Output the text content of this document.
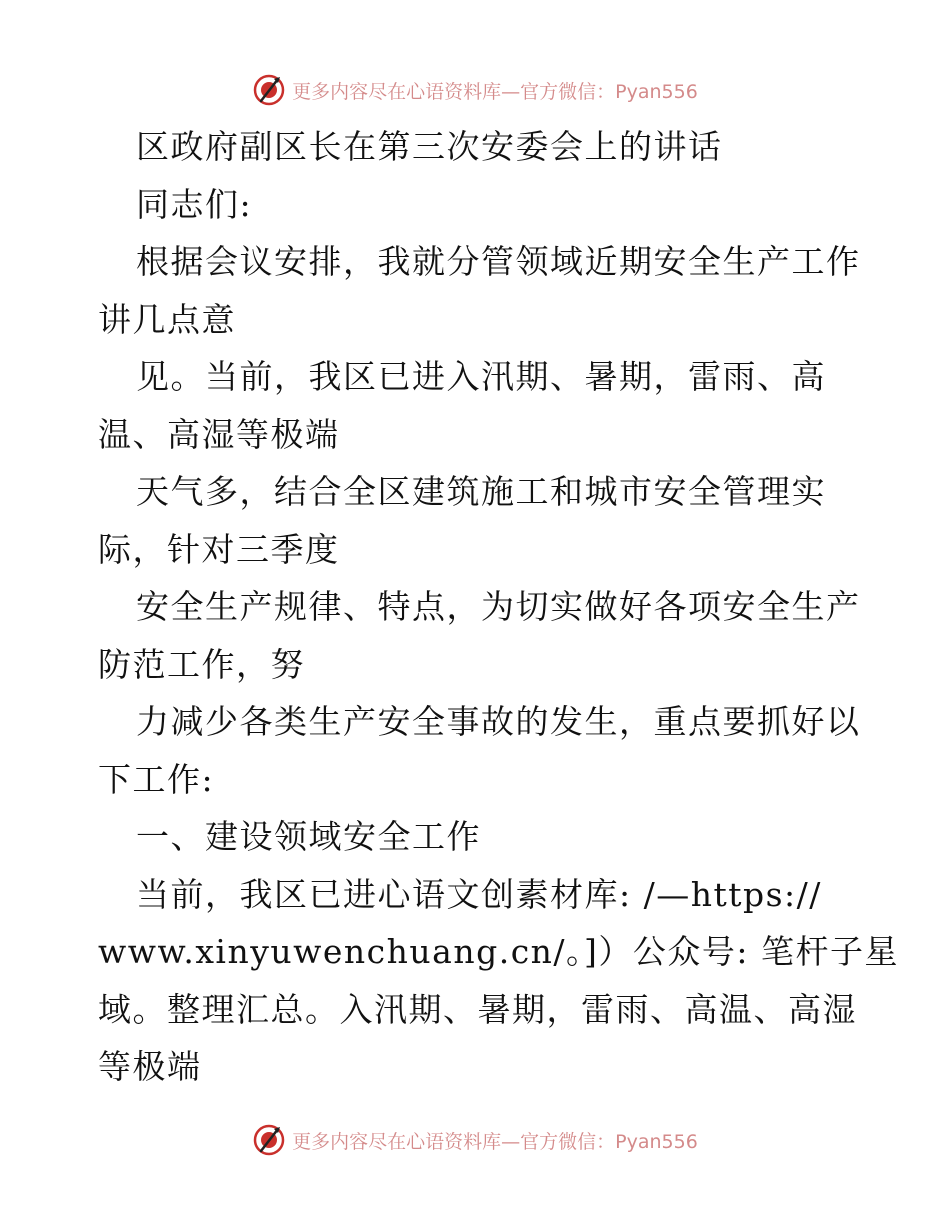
更多内容尽在心语资料库—官方微信：Pyan556
区政府副区长在第三次安委会上的讲话
同志们:
根据会议安排，我就分管领域近期安全生产工作
讲几点意
见。当前，我区已进入汛期、暑期，雷雨、高
温、高湿等极端
天气多，结合全区建筑施工和城市安全管理实
际，针对三季度
安全生产规律、特点，为切实做好各项安全生产
防范工作，努
力减少各类生产安全事故的发生，重点要抓好以
下工作:
一、建设领域安全工作
当前，我区已进心语文创素材库: /—https://
www.xinyuwenchuang.cn/。]）公众号: 笔杆子星
域。整理汇总。入汛期、暑期，雷雨、高温、高湿
等极端
更多内容尽在心语资料库—官方微信：Pyan556
